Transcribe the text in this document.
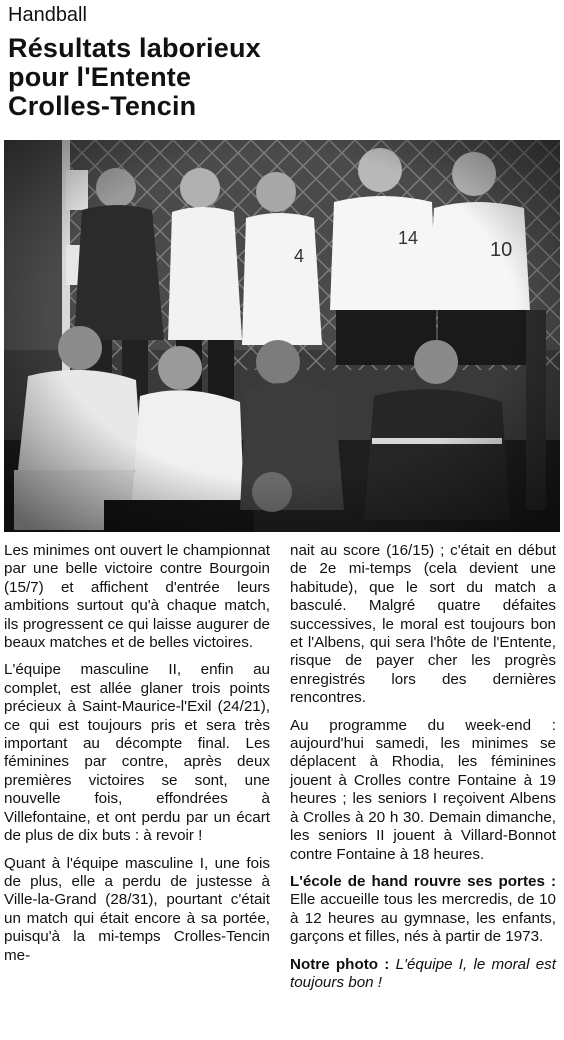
Handball
Résultats laborieux
pour l'Entente
Crolles-Tencin

Les minimes ont ouvert le championnat par une belle victoire contre Bourgoin (15/7) et affichent d'entrée leurs ambitions surtout qu'à chaque match, ils progressent ce qui laisse augurer de beaux matches et de belles victoires.

L'équipe masculine II, enfin au complet, est allée glaner trois points précieux à Saint-Maurice-l'Exil (24/21), ce qui est toujours pris et sera très important au décompte final. Les féminines par contre, après deux premières victoires se sont, une nouvelle fois, effondrées à Villefontaine, et ont perdu par un écart de plus de dix buts : à revoir !

Quant à l'équipe masculine I, une fois de plus, elle a perdu de justesse à Ville-la-Grand (28/31), pourtant c'était un match qui était encore à sa portée, puisqu'à la mi-temps Crolles-Tencin me-

nait au score (16/15) ; c'était en début de 2e mi-temps (cela devient une habitude), que le sort du match a basculé. Malgré quatre défaites successives, le moral est toujours bon et l'Albens, qui sera l'hôte de l'Entente, risque de payer cher les progrès enregistrés lors des dernières rencontres.

Au programme du week-end : aujourd'hui samedi, les minimes se déplacent à Rhodia, les féminines jouent à Crolles contre Fontaine à 19 heures ; les seniors I reçoivent Albens à Crolles à 20 h 30. Demain dimanche, les seniors II jouent à Villard-Bonnot contre Fontaine à 18 heures.

L'école de hand rouvre ses portes : Elle accueille tous les mercredis, de 10 à 12 heures au gymnase, les enfants, garçons et filles, nés à partir de 1973.

Notre photo : L'équipe I, le moral est toujours bon !
